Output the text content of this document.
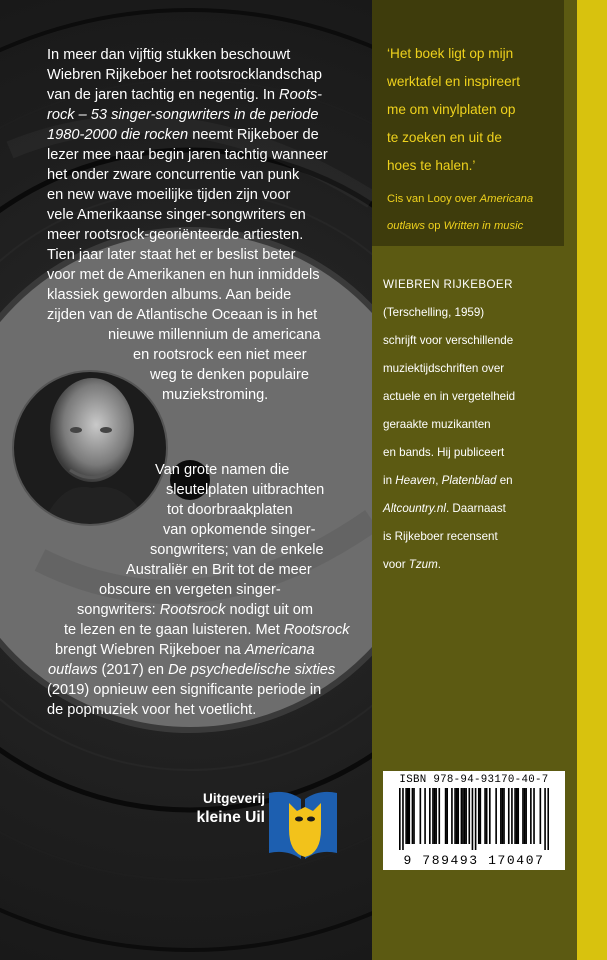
In meer dan vijftig stukken beschouwt
Wiebren Rijkeboer het rootsrocklandschap
van de jaren tachtig en negentig. In Roots-
rock – 53 singer-songwriters in de periode
1980-2000 die rocken neemt Rijkeboer de
lezer mee naar begin jaren tachtig wanneer
het onder zware concurrentie van punk
en new wave moeilijke tijden zijn voor
vele Amerikaanse singer-songwriters en
meer rootsrock-georiënteerde artiesten.
Tien jaar later staat het er beslist beter
voor met de Amerikanen en hun inmiddels
klassiek geworden albums. Aan beide
zijden van de Atlantische Oceaan is in het
nieuwe millennium de americana
en rootsrock een niet meer
weg te denken populaire
muziekstroming.
Van grote namen die
sleutelplaten uitbrachten
tot doorbraakplaten
van opkomende singer-
songwriters; van de enkele
Australiër en Brit tot de meer
obscure en vergeten singer-
songwriters: Rootsrock nodigt uit om
te lezen en te gaan luisteren. Met Rootsrock
brengt Wiebren Rijkeboer na Americana
outlaws (2017) en De psychedelische sixties
(2019) opnieuw een significante periode in
de popmuziek voor het voetlicht.
‘Het boek ligt op mijn
werktafel en inspireert
me om vinylplaten op
te zoeken en uit de
hoes te halen.’
Cis van Looy over Americana
outlaws op Written in music
WIEBREN RIJKEBOER
(Terschelling, 1959)
schrijft voor verschillende
muziektijdschriften over
actuele en in vergetelheid
geraakte muzikanten
en bands. Hij publiceert
in Heaven, Platenblad en
Altcountry.nl. Daarnaast
is Rijkeboer recensent
voor Tzum.
ISBN 978-94-93170-40-7
9 789493 170407
Uitgeverij
kleine Uil
